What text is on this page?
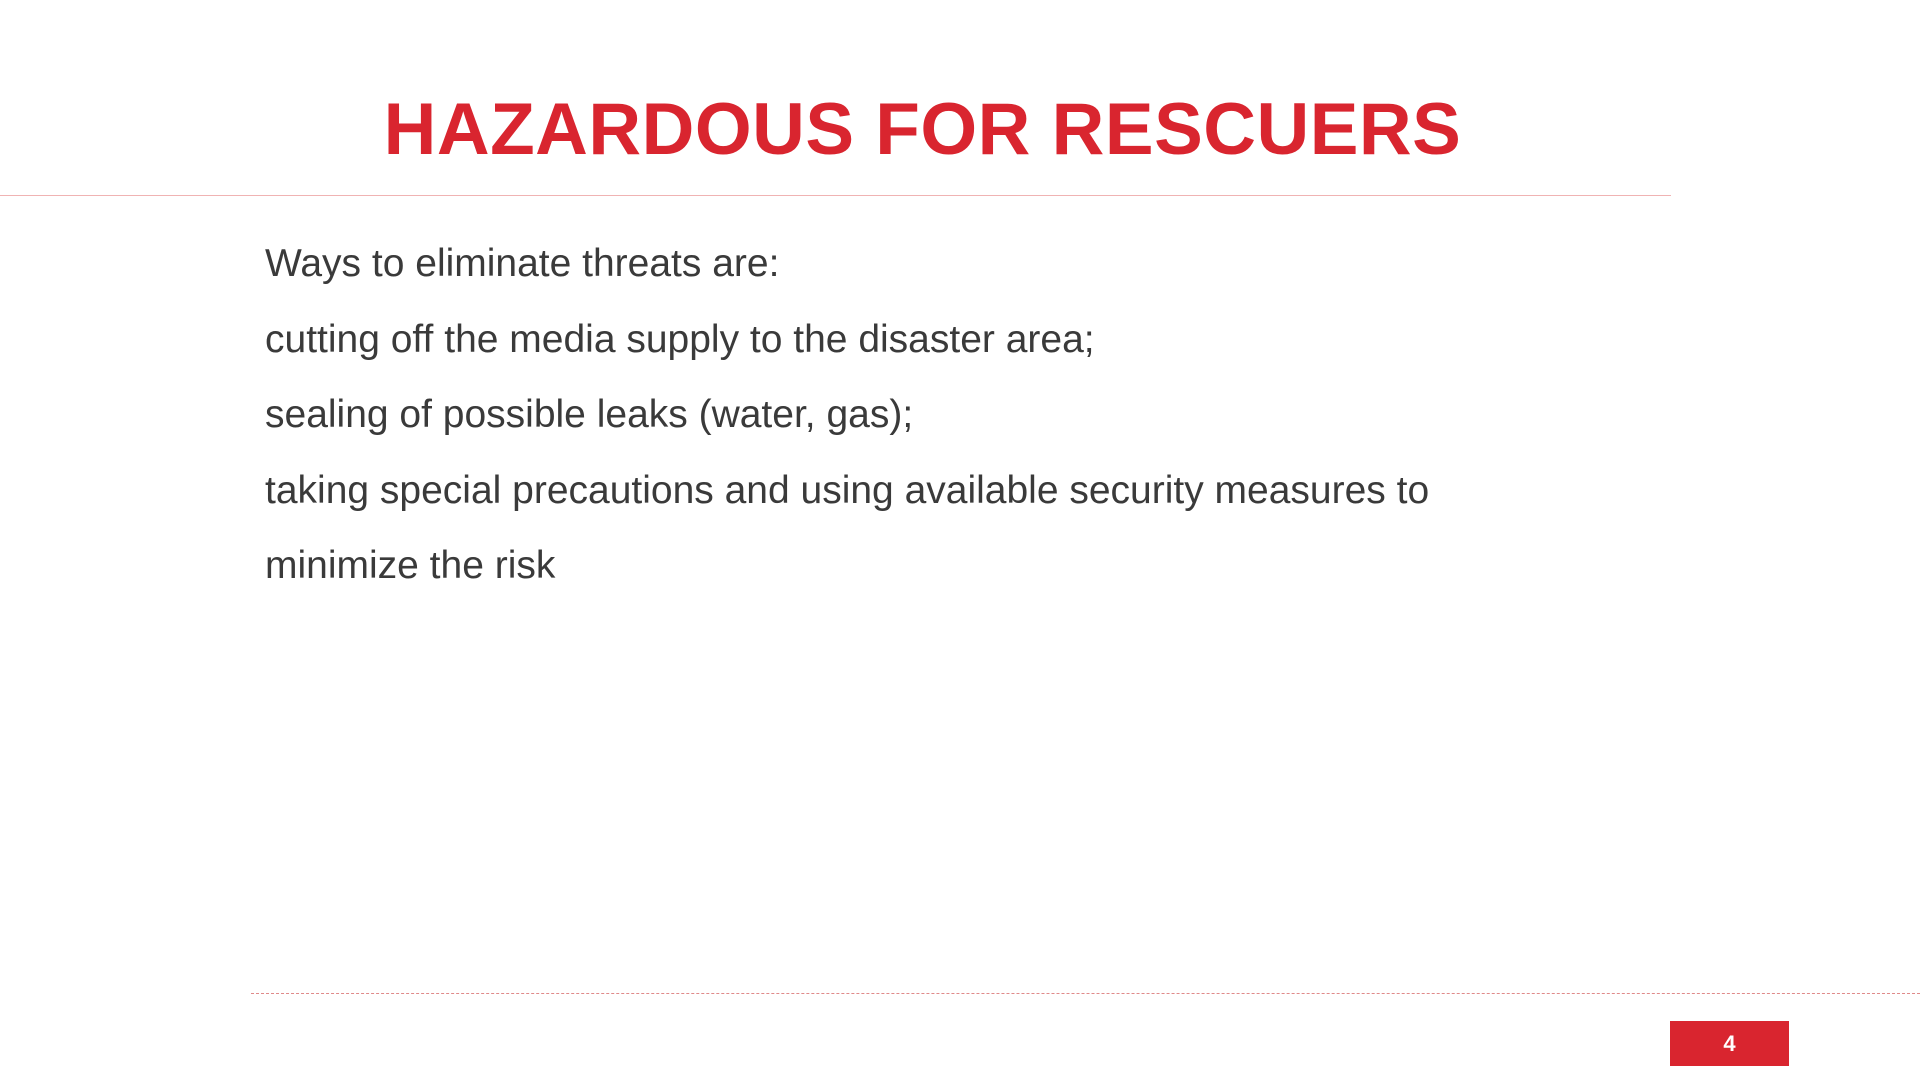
HAZARDOUS FOR RESCUERS
Ways to eliminate threats are:
cutting off the media supply to the disaster area;
sealing of possible leaks (water, gas);
taking special precautions and using available security measures to
minimize the risk
4
